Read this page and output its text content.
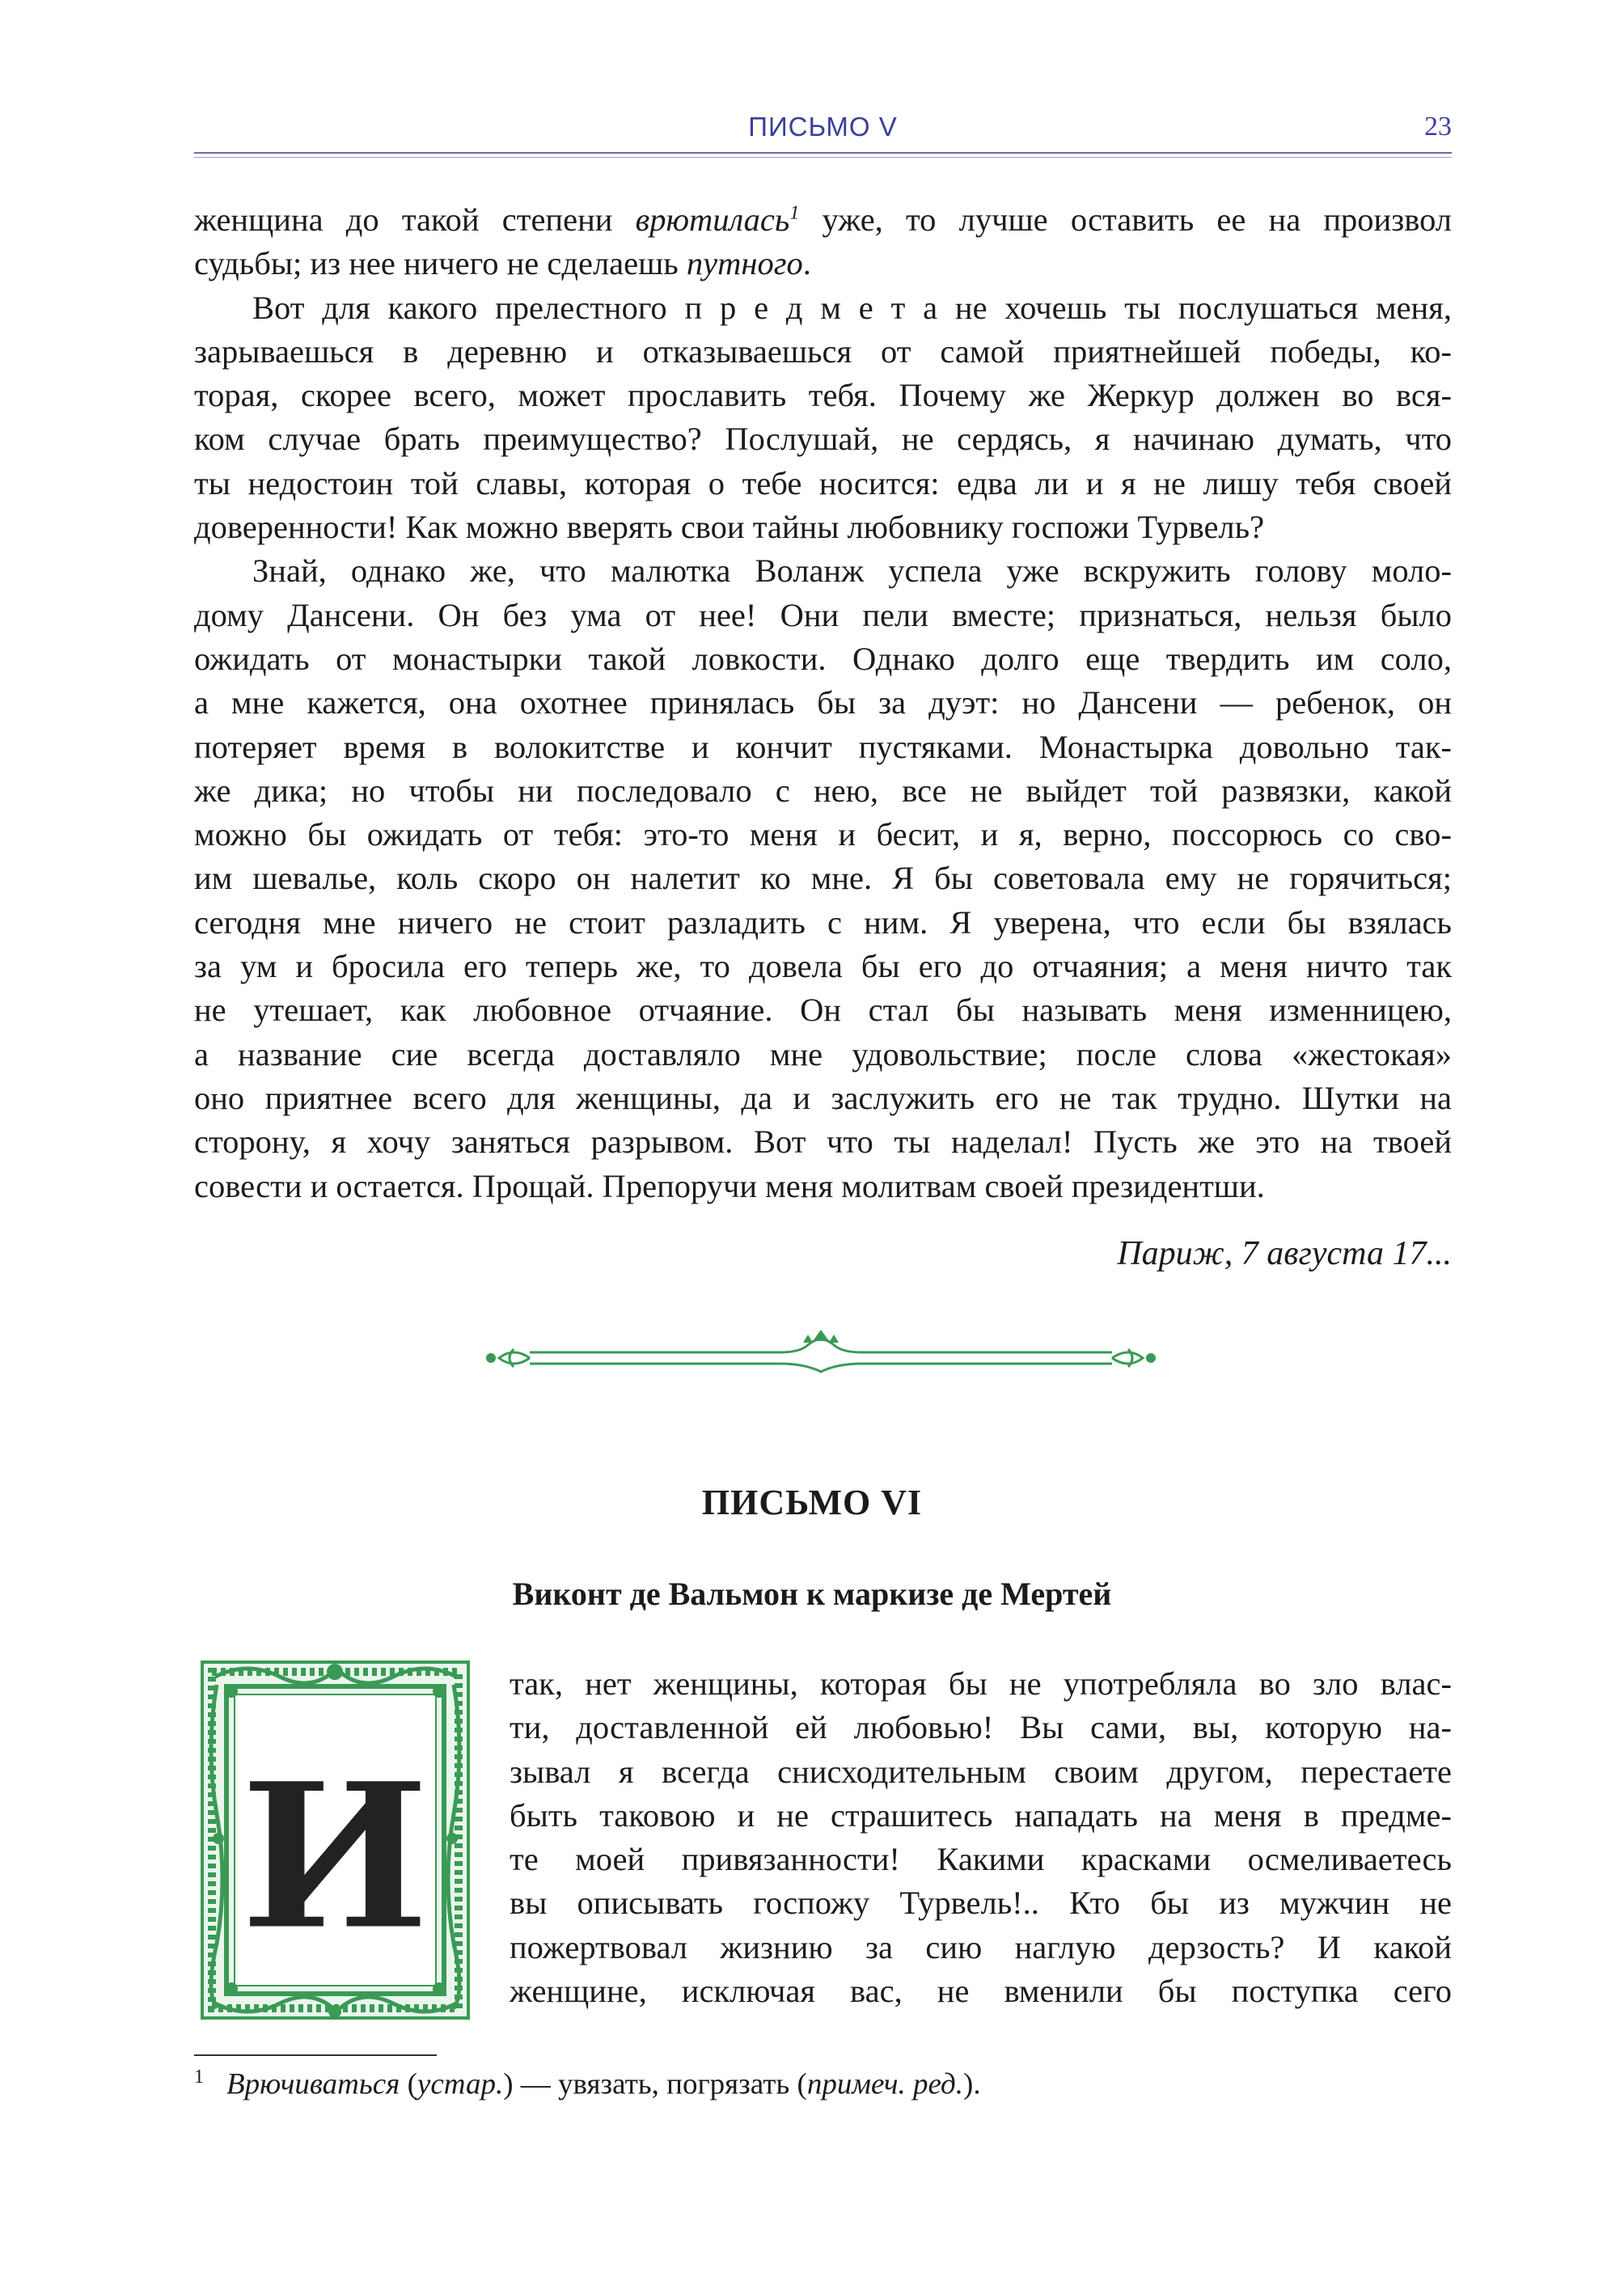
ПИСЬМО V	23
женщина до такой степени врютилась$^1$ уже, то лучше оставить ее на произвол
судьбы; из нее ничего не сделаешь путного.
Вот для какого прелестного п р е д м е т а не хочешь ты послушаться меня,
зарываешься в деревню и отказываешься от самой приятнейшей победы, ко-
торая, скорее всего, может прославить тебя. Почему же Жеркур должен во вся-
ком случае брать преимущество? Послушай, не сердясь, я начинаю думать, что
ты недостоин той славы, которая о тебе носится: едва ли и я не лишу тебя своей
доверенности! Как можно вверять свои тайны любовнику госпожи Турвель?
Знай, однако же, что малютка Воланж успела уже вскружить голову моло-
дому Дансени. Он без ума от нее! Они пели вместе; признаться, нельзя было
ожидать от монастырки такой ловкости. Однако долго еще твердить им соло,
а мне кажется, она охотнее принялась бы за дуэт: но Дансени — ребенок, он
потеряет время в волокитстве и кончит пустяками. Монастырка довольно так-
же дика; но чтобы ни последовало с нею, все не выйдет той развязки, какой
можно бы ожидать от тебя: это-то меня и бесит, и я, верно, поссорюсь со сво-
им шевалье, коль скоро он налетит ко мне. Я бы советовала ему не горячиться;
сегодня мне ничего не стоит разладить с ним. Я уверена, что если бы взялась
за ум и бросила его теперь же, то довела бы его до отчаяния; а меня ничто так
не утешает, как любовное отчаяние. Он стал бы называть меня изменницею,
а название сие всегда доставляло мне удовольствие; после слова «жестокая»
оно приятнее всего для женщины, да и заслужить его не так трудно. Шутки на
сторону, я хочу заняться разрывом. Вот что ты наделал! Пусть же это на твоей
совести и остается. Прощай. Препоручи меня молитвам своей президентши.
Париж, 7 августа 17...
ПИСЬМО VI
Виконт де Вальмон к маркизе де Мертей
И
так, нет женщины, которая бы не употребляла во зло влас-
ти, доставленной ей любовью! Вы сами, вы, которую на-
зывал я всегда снисходительным своим другом, перестаете
быть таковою и не страшитесь нападать на меня в предме-
те моей привязанности! Какими красками осмеливаетесь
вы описывать госпожу Турвель!.. Кто бы из мужчин не
пожертвовал жизнию за сию наглую дерзость? И какой
женщине, исключая вас, не вменили бы поступка сего
$^1$ Врючиваться (устар.) — увязать, погрязать (примеч. ред.).
